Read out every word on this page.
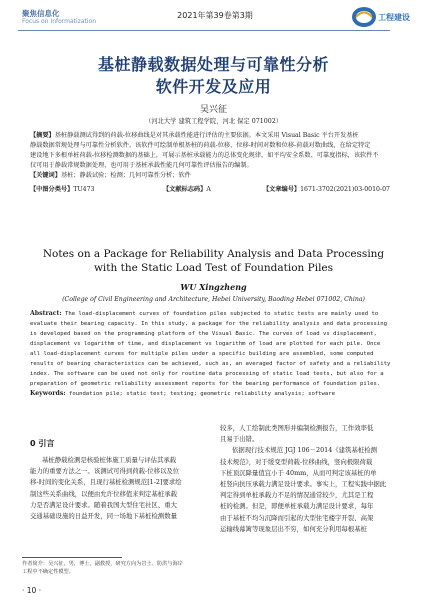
聚焦信息化
Focus on Informatization
2021年第39卷第3期	工程建设
基桩静载数据处理与可靠性分析
软件开发及应用
吴兴征
（河北大学 建筑工程学院，河北 保定 071002）
【摘要】基桩静载测试得到的荷载-位移曲线是对其承载性能进行评估的主要依据。本文采用 Visual Basic 平台开发基桩
静载数据常规处理与可靠性分析软件。该软件可绘制单根基桩的荷载-位移、位移-时间对数和位移-荷载对数曲线，在给定特定
建设地下多根单桩荷载-位移检测数据的基础上，可展示基桩承载能力的总体变化规律，如平均安全系数、可靠度指标，该软件不
仅可用于静载常规数据处理，也可用于基桩承载性能几何可靠性评估报告的编制。
【关键词】基桩；静载试验；检测；几何可靠性分析；软件
【中图分类号】TU473	【文献标志码】A	【文章编号】1671-3702(2021)03-0010-07
Notes on a Package for Reliability Analysis and Data Processing
with the Static Load Test of Foundation Piles
WU Xingzheng
(College of Civil Engineering and Architecture, Hebei University, Baoding Hebei 071002, China)
Abstract: The load-displacement curves of foundation piles subjected to static tests are mainly used to
evaluate their bearing capacity. In this study, a package for the reliability analysis and data processing
is developed based on the programming platform of the Visual Basic. The curves of load vs displacement,
displacement vs logarithm of time, and displacement vs logarithm of load are plotted for each pile. Once
all load-displacement curves for multiple piles under a specific building are assembled, some computed
results of bearing characteristics can be achieved, such as, an averaged factor of safety and a reliability
index. The software can be used not only for routine data processing of static load tests, but also for a
preparation of geometric reliability assessment reports for the bearing performance of foundation piles.
Keywords: foundation pile; static test; testing; geometric reliability analysis; software
0 引言
基桩静载检测是核验桩体施工质量与评估其承载
能力的重要方法之一。该测试可得到荷载-位移以及位
移-时间的变化关系，且现行基桩检测规范[1-2]要求绘
制这些关系曲线，以便由允许位移值来判定基桩承载
力是否满足设计要求。随着我国大型住宅社区、重大
交通基础设施的日益开发，同一场地下基桩检测数量
较多，人工绘制此类图形并编制检测报告，工作效率低
且易于出错。
依据现行技术规范 JGJ 106－2014《建筑基桩检测
技术规范》，对于缓变型荷载-位移曲线，竖向极限荷载
下桩顶沉降量值宜小于 40mm，从而可判定该基桩的单
桩竖向抗压承载力满足设计要求。事实上，工程实践中据此
判定得到单桩承载力不足的情况通常较少，尤其是工程
桩的检测。但是，即便单桩承载力满足设计要求，每年
由于基桩不均匀沉降而引起的大型住宅楼宇开裂、高架
运输线幕篱等现象层出不穷，如何充分利用每根基桩
作者简介：吴兴征，男，博士，副教授，研究方向为岩土、防洪与海岸
工程中不确定性模型。
· 10 ·
